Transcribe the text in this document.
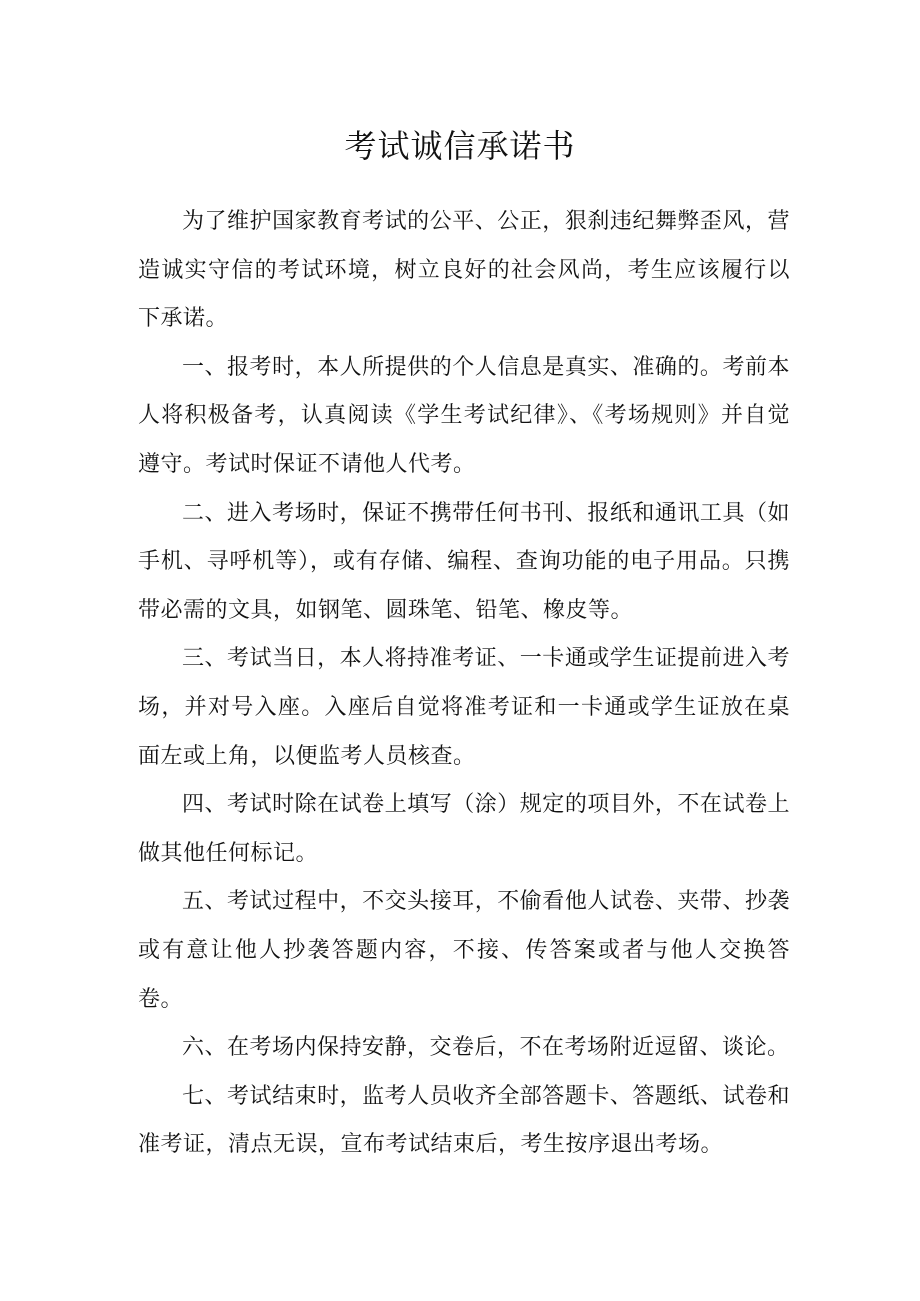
考试诚信承诺书

为了维护国家教育考试的公平、公正，狠刹违纪舞弊歪风，营造诚实守信的考试环境，树立良好的社会风尚，考生应该履行以下承诺。

一、报考时，本人所提供的个人信息是真实、准确的。考前本人将积极备考，认真阅读《学生考试纪律》、《考场规则》并自觉遵守。考试时保证不请他人代考。

二、进入考场时，保证不携带任何书刊、报纸和通讯工具（如手机、寻呼机等），或有存储、编程、查询功能的电子用品。只携带必需的文具，如钢笔、圆珠笔、铅笔、橡皮等。

三、考试当日，本人将持准考证、一卡通或学生证提前进入考场，并对号入座。入座后自觉将准考证和一卡通或学生证放在桌面左或上角，以便监考人员核查。

四、考试时除在试卷上填写（涂）规定的项目外，不在试卷上做其他任何标记。

五、考试过程中，不交头接耳，不偷看他人试卷、夹带、抄袭或有意让他人抄袭答题内容，不接、传答案或者与他人交换答卷。

六、在考场内保持安静，交卷后，不在考场附近逗留、谈论。

七、考试结束时，监考人员收齐全部答题卡、答题纸、试卷和准考证，清点无误，宣布考试结束后，考生按序退出考场。
